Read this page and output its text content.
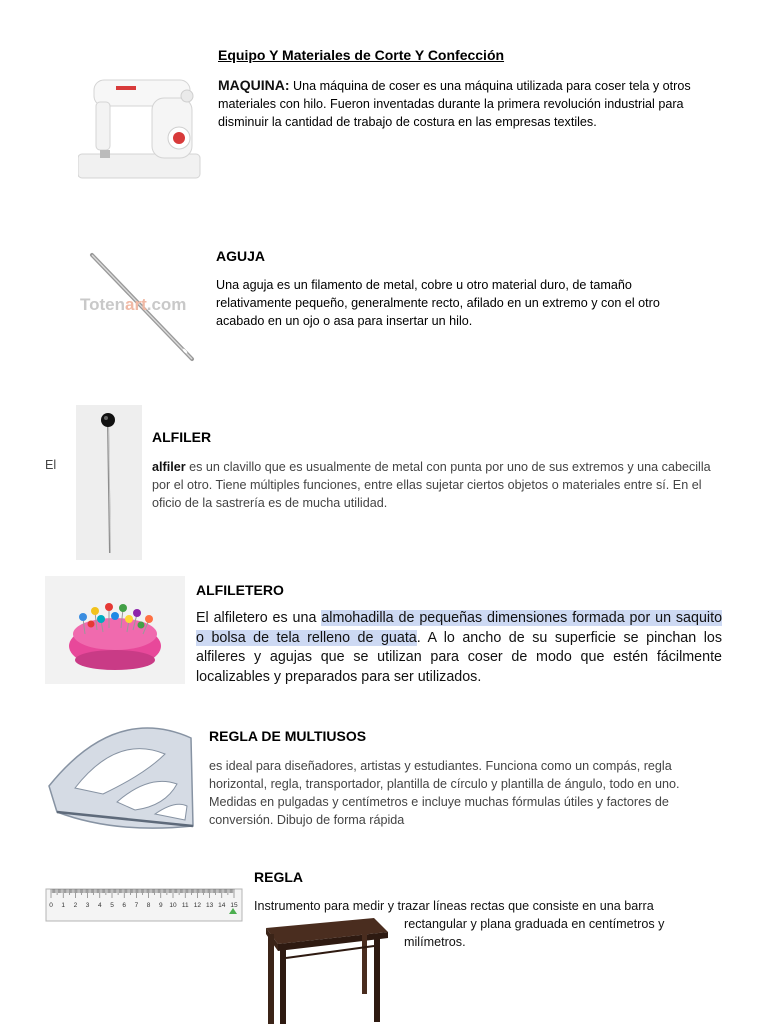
Equipo Y Materiales de Corte Y Confección
MAQUINA: Una máquina de coser es una máquina utilizada para coser tela y otros materiales con hilo. Fueron inventadas durante la primera revolución industrial para disminuir la cantidad de trabajo de costura en las empresas textiles.
AGUJA
Totenart.com
Una aguja es un filamento de metal, cobre u otro material duro, de tamaño relativamente pequeño, generalmente recto, afilado en un extremo y con el otro acabado en un ojo o asa para insertar un hilo.
ALFILER
El	alfiler es un clavillo que es usualmente de metal con punta por uno de sus extremos y una cabecilla por el otro. Tiene múltiples funciones, entre ellas sujetar ciertos objetos o materiales entre sí. En el oficio de la sastrería es de mucha utilidad.
ALFILETERO
El alfiletero es una almohadilla de pequeñas dimensiones formada por un saquito o bolsa de tela relleno de guata. A lo ancho de su superficie se pinchan los alfileres y agujas que se utilizan para coser de modo que estén fácilmente localizables y preparados para ser utilizados.
REGLA DE MULTIUSOS
es ideal para diseñadores, artistas y estudiantes. Funciona como un compás, regla horizontal, regla, transportador, plantilla de círculo y plantilla de ángulo, todo en uno. Medidas en pulgadas y centímetros e incluye muchas fórmulas útiles y factores de conversión. Dibujo de forma rápida
REGLA
0 1 2 3 4 5 6 7 8 9 10 11 12 13 14 15 Instrumento para medir y trazar líneas rectas que consiste en una barra
rectangular y plana graduada en centímetros y
milímetros.
